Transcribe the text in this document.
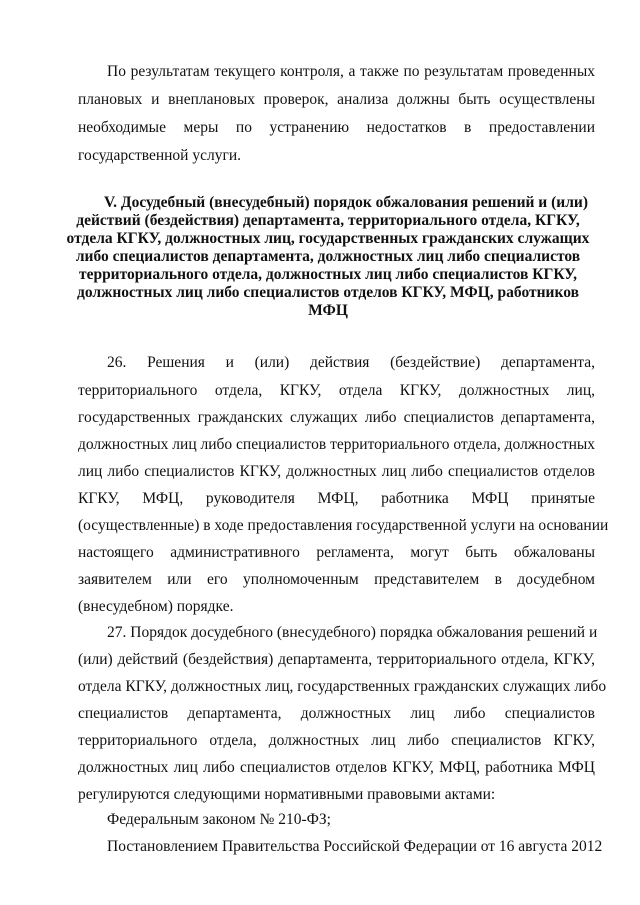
По результатам текущего контроля, а также по результатам проведенных
плановых и внеплановых проверок, анализа должны быть осуществлены
необходимые меры по устранению недостатков в предоставлении
государственной услуги.
V. Досудебный (внесудебный) порядок обжалования решений и (или)
действий (бездействия) департамента, территориального отдела, КГКУ,
отдела КГКУ, должностных лиц, государственных гражданских служащих
либо специалистов департамента, должностных лиц либо специалистов
территориального отдела, должностных лиц либо специалистов КГКУ,
должностных лиц либо специалистов отделов КГКУ, МФЦ, работников
МФЦ
26. Решения и (или) действия (бездействие) департамента,
территориального отдела, КГКУ, отдела КГКУ, должностных лиц,
государственных гражданских служащих либо специалистов департамента,
должностных лиц либо специалистов территориального отдела, должностных
лиц либо специалистов КГКУ, должностных лиц либо специалистов отделов
КГКУ, МФЦ, руководителя МФЦ, работника МФЦ принятые
(осуществленные) в ходе предоставления государственной услуги на основании
настоящего административного регламента, могут быть обжалованы
заявителем или его уполномоченным представителем в досудебном
(внесудебном) порядке.
27. Порядок досудебного (внесудебного) порядка обжалования решений и
(или) действий (бездействия) департамента, территориального отдела, КГКУ,
отдела КГКУ, должностных лиц, государственных гражданских служащих либо
специалистов департамента, должностных лиц либо специалистов
территориального отдела, должностных лиц либо специалистов КГКУ,
должностных лиц либо специалистов отделов КГКУ, МФЦ, работника МФЦ
регулируются следующими нормативными правовыми актами:
Федеральным законом № 210-ФЗ;
Постановлением Правительства Российской Федерации от 16 августа 2012
